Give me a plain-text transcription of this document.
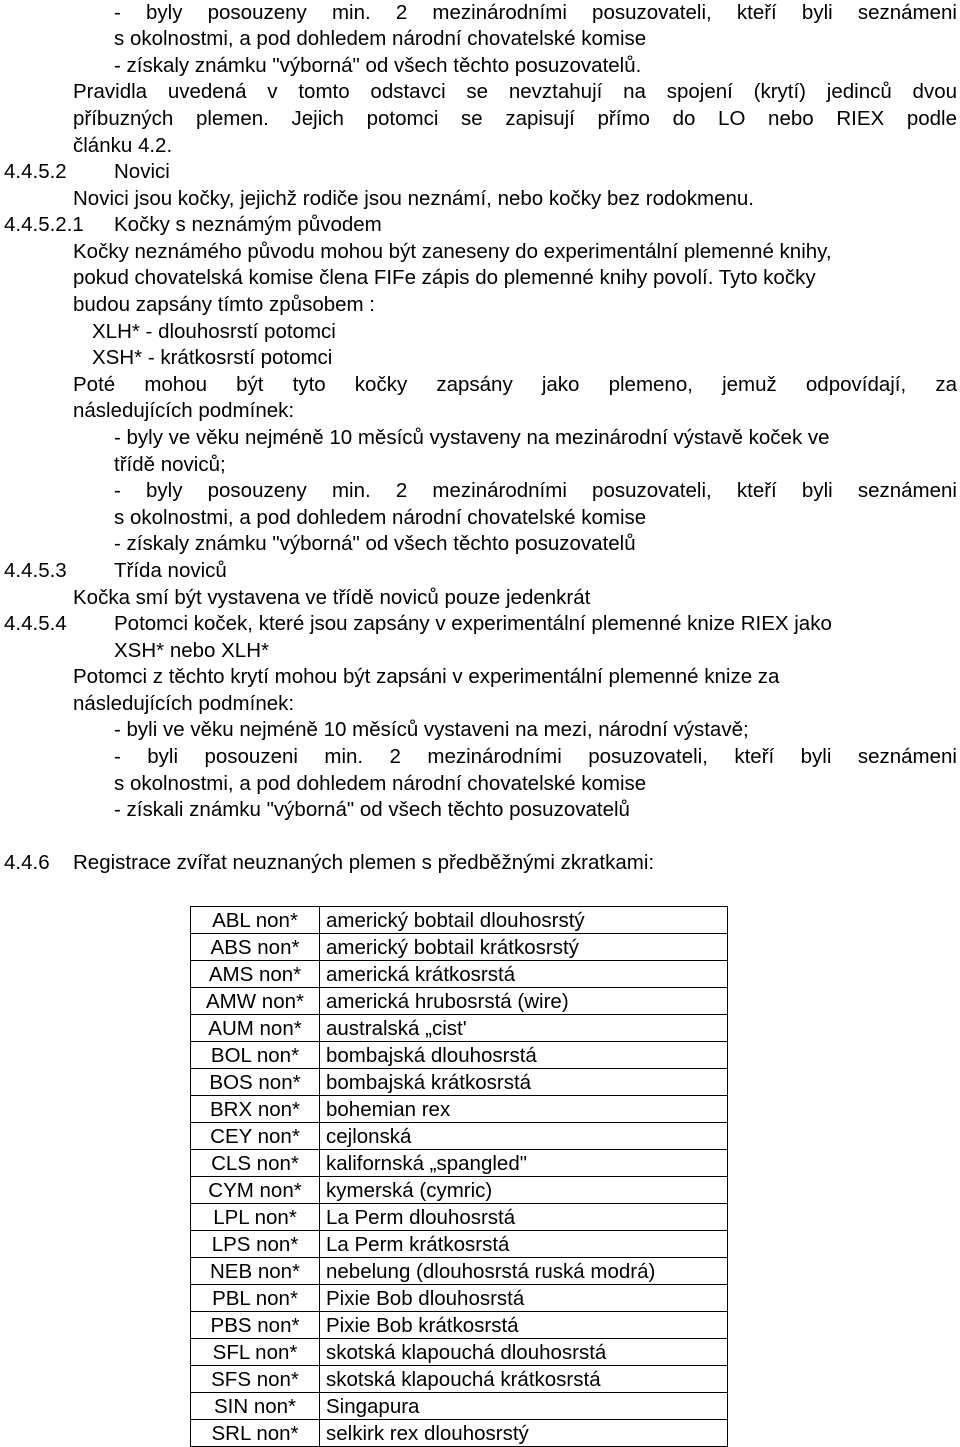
- byly posouzeny min. 2 mezinárodními posuzovateli, kteří byli seznámeni
s okolnostmi, a pod dohledem národní chovatelské komise
- získaly známku "výborná" od všech těchto posuzovatelů.
Pravidla uvedená v tomto odstavci se nevztahují na spojení (krytí) jedinců dvou
příbuzných plemen. Jejich potomci se zapisují přímo do LO nebo RIEX podle
článku 4.2.
4.4.5.2 Novici
Novici jsou kočky, jejichž rodiče jsou neznámí, nebo kočky bez rodokmenu.
4.4.5.2.1 Kočky s neznámým původem
Kočky neznámého původu mohou být zaneseny do experimentální plemenné knihy,
pokud chovatelská komise člena FIFe zápis do plemenné knihy povolí. Tyto kočky
budou zapsány tímto způsobem :
XLH* - dlouhosrstí potomci
XSH* - krátkosrstí potomci
Poté mohou být tyto kočky zapsány jako plemeno, jemuž odpovídají, za
následujících podmínek:
- byly ve věku nejméně 10 měsíců vystaveny na mezinárodní výstavě koček ve
třídě noviců;
- byly posouzeny min. 2 mezinárodními posuzovateli, kteří byli seznámeni
s okolnostmi, a pod dohledem národní chovatelské komise
- získaly známku "výborná" od všech těchto posuzovatelů
4.4.5.3 Třída noviců
Kočka smí být vystavena ve třídě noviců pouze jedenkrát
4.4.5.4 Potomci koček, které jsou zapsány v experimentální plemenné knize RIEX jako
XSH* nebo XLH*
Potomci z těchto krytí mohou být zapsáni v experimentální plemenné knize za
následujících podmínek:
- byli ve věku nejméně 10 měsíců vystaveni na mezi, národní výstavě;
- byli posouzeni min. 2 mezinárodními posuzovateli, kteří byli seznámeni
s okolnostmi, a pod dohledem národní chovatelské komise
- získali známku "výborná" od všech těchto posuzovatelů
4.4.6 Registrace zvířat neuznaných plemen s předběžnými zkratkami:
ABL non*	americký bobtail dlouhosrstý
ABS non*	americký bobtail krátkosrstý
AMS non*	americká krátkosrstá
AMW non*	americká hrubosrstá (wire)
AUM non*	australská „cist'
BOL non*	bombajská dlouhosrstá
BOS non*	bombajská krátkosrstá
BRX non*	bohemian rex
CEY non*	cejlonská
CLS non*	kalifornská „spangled"
CYM non*	kymerská (cymric)
LPL non*	La Perm dlouhosrstá
LPS non*	La Perm krátkosrstá
NEB non*	nebelung (dlouhosrstá ruská modrá)
PBL non*	Pixie Bob dlouhosrstá
PBS non*	Pixie Bob krátkosrstá
SFL non*	skotská klapouchá dlouhosrstá
SFS non*	skotská klapouchá krátkosrstá
SIN non*	Singapura
SRL non*	selkirk rex dlouhosrstý
